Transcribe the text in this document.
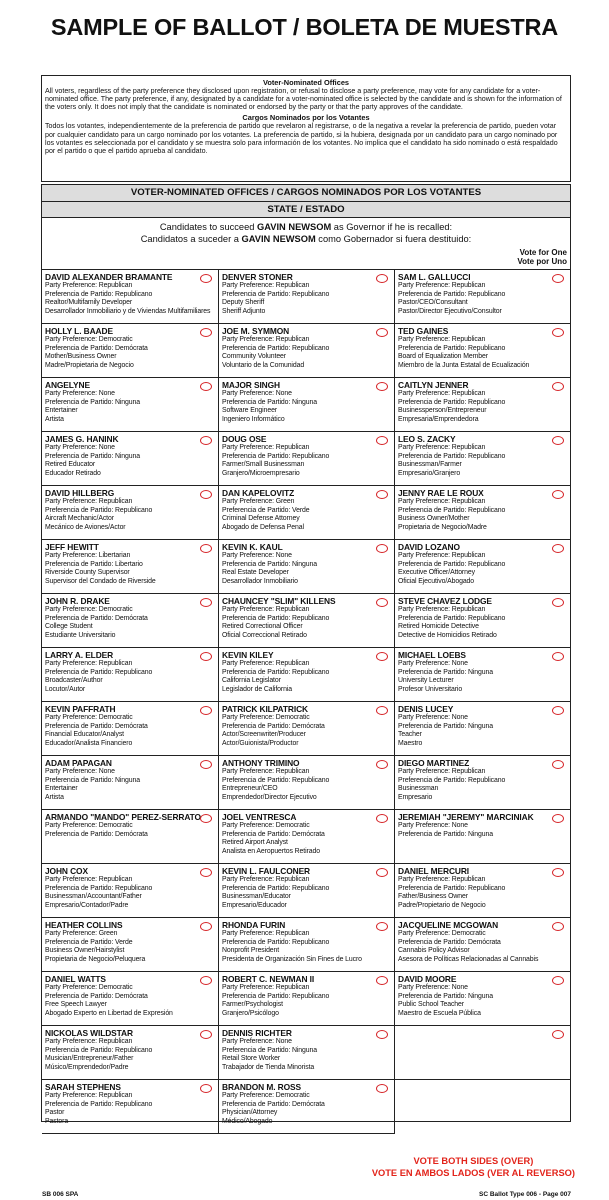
SAMPLE OF BALLOT / BOLETA DE MUESTRA
Voter-Nominated Offices

All voters, regardless of the party preference they disclosed upon registration, or refusal to disclose a party preference, may vote for any candidate for a voter-nominated office. The party preference, if any, designated by a candidate for a voter-nominated office is selected by the candidate and is shown for the information of the voters only. It does not imply that the candidate is nominated or endorsed by the party or that the party approves of the candidate.

Cargos Nominados por los Votantes

Todos los votantes, independientemente de la preferencia de partido que revelaron al registrarse, o de la negativa a revelar la preferencia de partido, pueden votar por cualquier candidato para un cargo nominado por los votantes. La preferencia de partido, si la hubiera, designada por un candidato para un cargo nominado por los votantes es seleccionada por el candidato y se muestra solo para información de los votantes. No implica que el candidato ha sido nominado o está respaldado por el partido o que el partido aprueba al candidato.

VOTER-NOMINATED OFFICES / CARGOS NOMINADOS POR LOS VOTANTES
STATE / ESTADO
Candidates to succeed GAVIN NEWSOM as Governor if he is recalled:
Candidatos a suceder a GAVIN NEWSOM como Gobernador si fuera destituido:
Vote for One
Vote por Uno
DAVID ALEXANDER BRAMANTE
Party Preference: Republican
Preferencia de Partido: Republicano
Realtor/Multifamily Developer
Desarrollador Inmobiliario y de Viviendas Multifamiliares
DENVER STONER
Party Preference: Republican
Preferencia de Partido: Republicano
Deputy Sheriff
Sheriff Adjunto
SAM L. GALLUCCI
Party Preference: Republican
Preferencia de Partido: Republicano
Pastor/CEO/Consultant
Pastor/Director Ejecutivo/Consultor
HOLLY L. BAADE
Party Preference: Democratic
Preferencia de Partido: Demócrata
Mother/Business Owner
Madre/Propietaria de Negocio
JOE M. SYMMON
Party Preference: Republican
Preferencia de Partido: Republicano
Community Volunteer
Voluntario de la Comunidad
TED GAINES
Party Preference: Republican
Preferencia de Partido: Republicano
Board of Equalization Member
Miembro de la Junta Estatal de Ecualización
ANGELYNE
Party Preference: None
Preferencia de Partido: Ninguna
Entertainer
Artista
MAJOR SINGH
Party Preference: None
Preferencia de Partido: Ninguna
Software Engineer
Ingeniero Informático
CAITLYN JENNER
Party Preference: Republican
Preferencia de Partido: Republicano
Businessperson/Entrepreneur
Empresaria/Emprendedora
JAMES G. HANINK
Party Preference: None
Preferencia de Partido: Ninguna
Retired Educator
Educador Retirado
DOUG OSE
Party Preference: Republican
Preferencia de Partido: Republicano
Farmer/Small Businessman
Granjero/Microempresario
LEO S. ZACKY
Party Preference: Republican
Preferencia de Partido: Republicano
Businessman/Farmer
Empresario/Granjero
DAVID HILLBERG
Party Preference: Republican
Preferencia de Partido: Republicano
Aircraft Mechanic/Actor
Mecánico de Aviones/Actor
DAN KAPELOVITZ
Party Preference: Green
Preferencia de Partido: Verde
Criminal Defense Attorney
Abogado de Defensa Penal
JENNY RAE LE ROUX
Party Preference: Republican
Preferencia de Partido: Republicano
Business Owner/Mother
Propietaria de Negocio/Madre
JEFF HEWITT
Party Preference: Libertarian
Preferencia de Partido: Libertario
Riverside County Supervisor
Supervisor del Condado de Riverside
KEVIN K. KAUL
Party Preference: None
Preferencia de Partido: Ninguna
Real Estate Developer
Desarrollador Inmobiliario
DAVID LOZANO
Party Preference: Republican
Preferencia de Partido: Republicano
Executive Officer/Attorney
Oficial Ejecutivo/Abogado
JOHN R. DRAKE
Party Preference: Democratic
Preferencia de Partido: Demócrata
College Student
Estudiante Universitario
CHAUNCEY "SLIM" KILLENS
Party Preference: Republican
Preferencia de Partido: Republicano
Retired Correctional Officer
Oficial Correccional Retirado
STEVE CHAVEZ LODGE
Party Preference: Republican
Preferencia de Partido: Republicano
Retired Homicide Detective
Detective de Homicidios Retirado
LARRY A. ELDER
Party Preference: Republican
Preferencia de Partido: Republicano
Broadcaster/Author
Locutor/Autor
KEVIN KILEY
Party Preference: Republican
Preferencia de Partido: Republicano
California Legislator
Legislador de California
MICHAEL LOEBS
Party Preference: None
Preferencia de Partido: Ninguna
University Lecturer
Profesor Universitario
KEVIN PAFFRATH
Party Preference: Democratic
Preferencia de Partido: Demócrata
Financial Educator/Analyst
Educador/Analista Financiero
PATRICK KILPATRICK
Party Preference: Democratic
Preferencia de Partido: Demócrata
Actor/Screenwriter/Producer
Actor/Guionista/Productor
DENIS LUCEY
Party Preference: None
Preferencia de Partido: Ninguna
Teacher
Maestro
ADAM PAPAGAN
Party Preference: None
Preferencia de Partido: Ninguna
Entertainer
Artista
ANTHONY TRIMINO
Party Preference: Republican
Preferencia de Partido: Republicano
Entrepreneur/CEO
Emprendedor/Director Ejecutivo
DIEGO MARTINEZ
Party Preference: Republican
Preferencia de Partido: Republicano
Businessman
Empresario
ARMANDO "MANDO" PEREZ-SERRATO
Party Preference: Democratic
Preferencia de Partido: Demócrata
JOEL VENTRESCA
Party Preference: Democratic
Preferencia de Partido: Demócrata
Retired Airport Analyst
Analista en Aeropuertos Retirado
JEREMIAH "JEREMY" MARCINIAK
Party Preference: None
Preferencia de Partido: Ninguna
JOHN COX
Party Preference: Republican
Preferencia de Partido: Republicano
Businessman/Accountant/Father
Empresario/Contador/Padre
KEVIN L. FAULCONER
Party Preference: Republican
Preferencia de Partido: Republicano
Businessman/Educator
Empresario/Educador
DANIEL MERCURI
Party Preference: Republican
Preferencia de Partido: Republicano
Father/Business Owner
Padre/Propietario de Negocio
HEATHER COLLINS
Party Preference: Green
Preferencia de Partido: Verde
Business Owner/Hairstylist
Propietaria de Negocio/Peluquera
RHONDA FURIN
Party Preference: Republican
Preferencia de Partido: Republicano
Nonprofit President
Presidenta de Organización Sin Fines de Lucro
JACQUELINE MCGOWAN
Party Preference: Democratic
Preferencia de Partido: Demócrata
Cannabis Policy Advisor
Asesora de Políticas Relacionadas al Cannabis
DANIEL WATTS
Party Preference: Democratic
Preferencia de Partido: Demócrata
Free Speech Lawyer
Abogado Experto en Libertad de Expresión
ROBERT C. NEWMAN II
Party Preference: Republican
Preferencia de Partido: Republicano
Farmer/Psychologist
Granjero/Psicólogo
DAVID MOORE
Party Preference: None
Preferencia de Partido: Ninguna
Public School Teacher
Maestro de Escuela Pública
NICKOLAS WILDSTAR
Party Preference: Republican
Preferencia de Partido: Republicano
Musician/Entrepreneur/Father
Músico/Emprendedor/Padre
DENNIS RICHTER
Party Preference: None
Preferencia de Partido: Ninguna
Retail Store Worker
Trabajador de Tienda Minorista
SARAH STEPHENS
Party Preference: Republican
Preferencia de Partido: Republicano
Pastor
Pastora
BRANDON M. ROSS
Party Preference: Democratic
Preferencia de Partido: Demócrata
Physician/Attorney
Médico/Abogado
VOTE BOTH SIDES (OVER)
VOTE EN AMBOS LADOS (VER AL REVERSO)
SB 006 SPA	SC Ballot Type 006 - Page 007
